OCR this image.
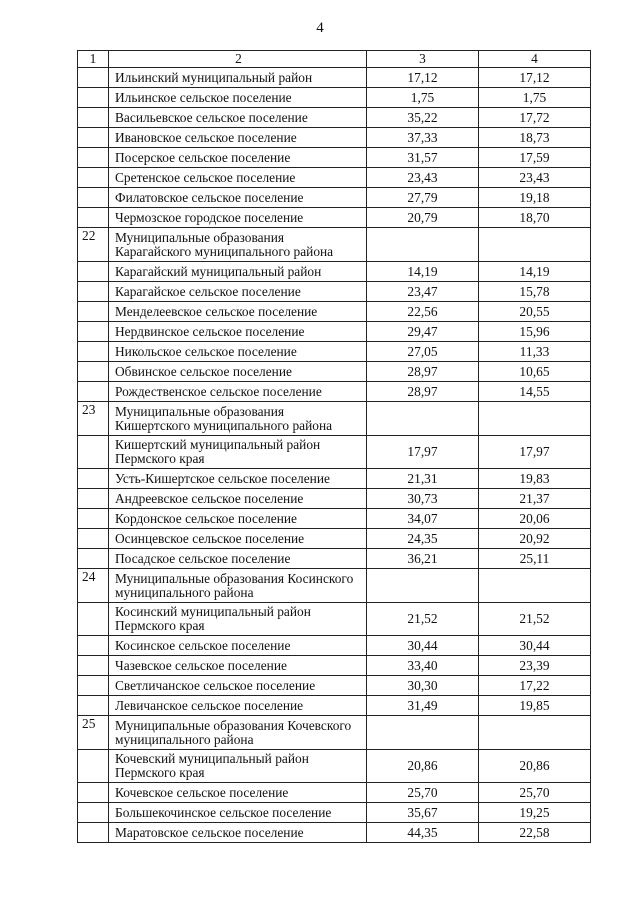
4
1	2	3	4
	Ильинский муниципальный район	17,12	17,12
	Ильинское сельское поселение	1,75	1,75
	Васильевское сельское поселение	35,22	17,72
	Ивановское сельское поселение	37,33	18,73
	Посерское сельское поселение	31,57	17,59
	Сретенское сельское поселение	23,43	23,43
	Филатовское сельское поселение	27,79	19,18
	Чермозское городское поселение	20,79	18,70
22	Муниципальные образования Карагайского муниципального района		
	Карагайский муниципальный район	14,19	14,19
	Карагайское сельское поселение	23,47	15,78
	Менделеевское сельское поселение	22,56	20,55
	Нердвинское сельское поселение	29,47	15,96
	Никольское сельское поселение	27,05	11,33
	Обвинское сельское поселение	28,97	10,65
	Рождественское сельское поселение	28,97	14,55
23	Муниципальные образования Кишертского муниципального района		
	Кишертский муниципальный район Пермского края	17,97	17,97
	Усть-Кишертское сельское поселение	21,31	19,83
	Андреевское сельское поселение	30,73	21,37
	Кордонское сельское поселение	34,07	20,06
	Осинцевское сельское поселение	24,35	20,92
	Посадское сельское поселение	36,21	25,11
24	Муниципальные образования Косинского муниципального района		
	Косинский муниципальный район Пермского края	21,52	21,52
	Косинское сельское поселение	30,44	30,44
	Чазевское сельское поселение	33,40	23,39
	Светличанское сельское поселение	30,30	17,22
	Левичанское сельское поселение	31,49	19,85
25	Муниципальные образования Кочевского муниципального района		
	Кочевский муниципальный район Пермского края	20,86	20,86
	Кочевское сельское поселение	25,70	25,70
	Большекочинское сельское поселение	35,67	19,25
	Маратовское сельское поселение	44,35	22,58
